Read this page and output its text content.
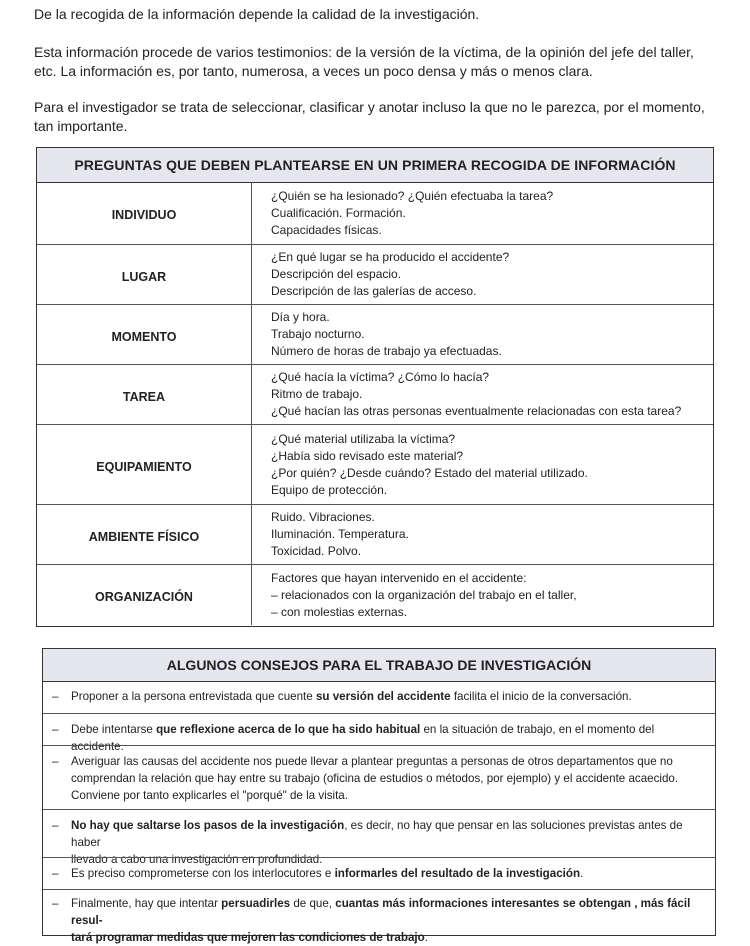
De la recogida de la información depende la calidad de la investigación.

Esta información procede de varios testimonios: de la versión de la víctima, de la opinión del jefe del taller,

etc. La información es, por tanto, numerosa, a veces un poco densa y más o menos clara.

Para el investigador se trata de seleccionar, clasificar y anotar incluso la que no le parezca, por el momento,

tan importante.

PREGUNTAS QUE DEBEN PLANTEARSE EN UN PRIMERA RECOGIDA DE INFORMACIÓN
INDIVIDUO
¿Quién se ha lesionado? ¿Quién efectuaba la tarea?
Cualificación. Formación.
Capacidades físicas.
LUGAR
¿En qué lugar se ha producido el accidente?
Descripción del espacio.
Descripción de las galerías de acceso.
MOMENTO
Día y hora.
Trabajo nocturno.
Número de horas de trabajo ya efectuadas.
TAREA
¿Qué hacía la víctima? ¿Cómo lo hacía?
Ritmo de trabajo.
¿Qué hacían las otras personas eventualmente relacionadas con esta tarea?
EQUIPAMIENTO
¿Qué material utilizaba la víctima?
¿Había sido revisado este material?
¿Por quién? ¿Desde cuándo? Estado del material utilizado.
Equipo de protección.
AMBIENTE FÍSICO
Ruido. Vibraciones.
Iluminación. Temperatura.
Toxicidad. Polvo.
ORGANIZACIÓN
Factores que hayan intervenido en el accidente:
– relacionados con la organización del trabajo en el taller,
– con molestias externas.
ALGUNOS CONSEJOS PARA EL TRABAJO DE INVESTIGACIÓN
– Proponer a la persona entrevistada que cuente su versión del accidente facilita el inicio de la conversación.
– Debe intentarse que reflexione acerca de lo que ha sido habitual en la situación de trabajo, en el momento del accidente.
– Averiguar las causas del accidente nos puede llevar a plantear preguntas a personas de otros departamentos que no
comprendan la relación que hay entre su trabajo (oficina de estudios o métodos, por ejemplo) y el accidente acaecido.
Conviene por tanto explicarles el "porqué" de la visita.
– No hay que saltarse los pasos de la investigación, es decir, no hay que pensar en las soluciones previstas antes de haber
llevado a cabo una investigación en profundidad.
– Es preciso comprometerse con los interlocutores e informarles del resultado de la investigación.
– Finalmente, hay que intentar persuadirles de que, cuantas más informaciones interesantes se obtengan , más fácil resul-
tará programar medidas que mejoren las condiciones de trabajo.
